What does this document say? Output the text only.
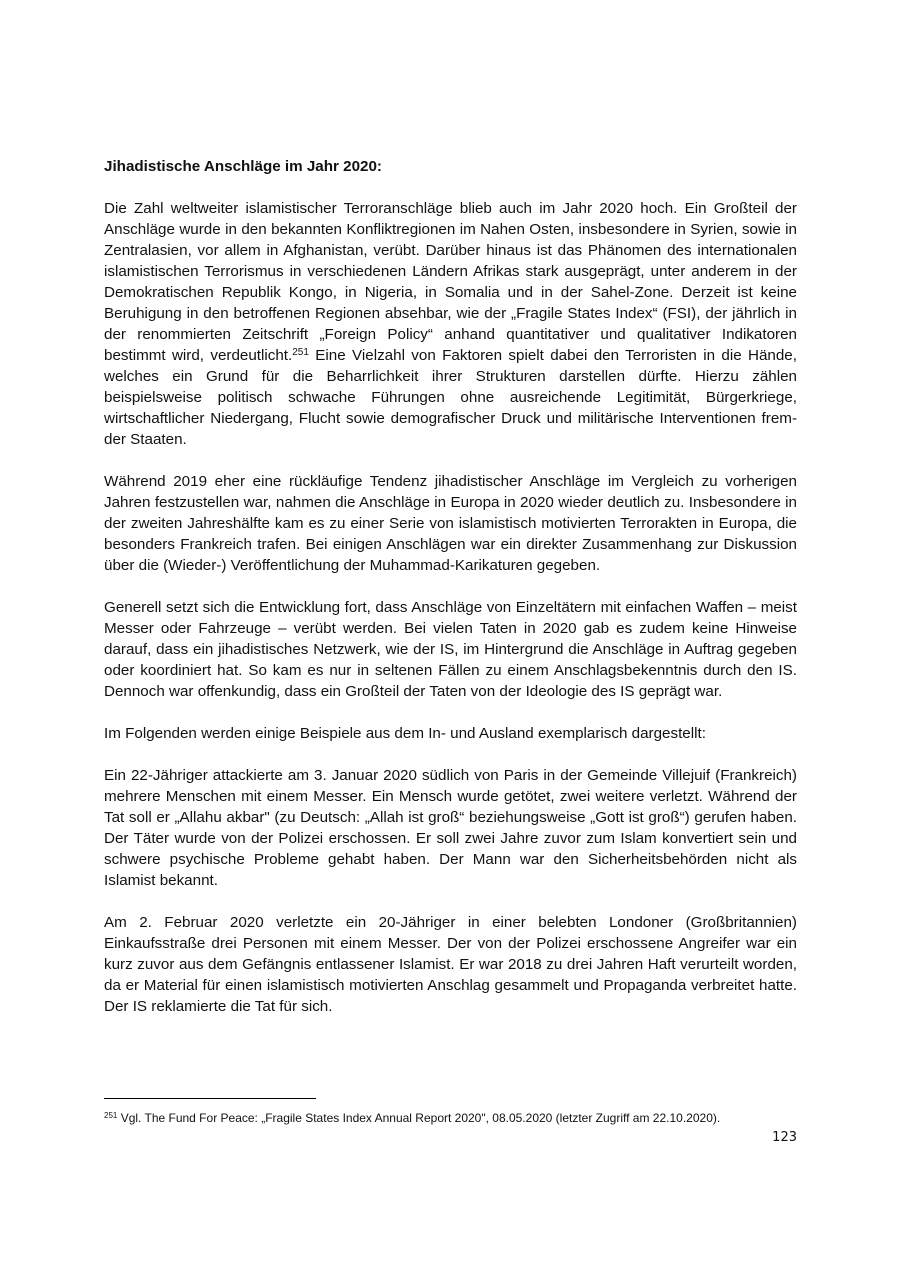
Jihadistische Anschläge im Jahr 2020:

Die Zahl weltweiter islamistischer Terroranschläge blieb auch im Jahr 2020 hoch. Ein Großteil der Anschläge wurde in den bekannten Konfliktregionen im Nahen Osten, insbesondere in Syrien, sowie in Zentralasien, vor allem in Afghanistan, verübt. Darüber hinaus ist das Phänomen des internationalen islamistischen Terrorismus in verschiedenen Ländern Afrikas stark ausgeprägt, unter anderem in der Demokratischen Republik Kongo, in Nigeria, in Somalia und in der Sahel-Zone. Derzeit ist keine Beruhigung in den betroffenen Regionen absehbar, wie der „Fragile States Index“ (FSI), der jährlich in der renommierten Zeitschrift „Foreign Policy“ anhand quantitativer und qualitativer Indikatoren bestimmt wird, verdeutlicht.$^{251}$ Eine Vielzahl von Faktoren spielt dabei den Terroristen in die Hände, welches ein Grund für die Beharrlichkeit ihrer Strukturen darstellen dürfte. Hierzu zählen beispielsweise politisch schwache Führungen ohne ausreichende Legitimität, Bürgerkriege, wirtschaftlicher Niedergang, Flucht sowie demografischer Druck und militärische Interventionen fremder Staaten.

Während 2019 eher eine rückläufige Tendenz jihadistischer Anschläge im Vergleich zu vorherigen Jahren festzustellen war, nahmen die Anschläge in Europa in 2020 wieder deutlich zu. Insbesondere in der zweiten Jahreshälfte kam es zu einer Serie von islamistisch motivierten Terrorakten in Europa, die besonders Frankreich trafen. Bei einigen Anschlägen war ein direkter Zusammenhang zur Diskussion über die (Wieder-) Veröffentlichung der Muhammad-Karikaturen gegeben.

Generell setzt sich die Entwicklung fort, dass Anschläge von Einzeltätern mit einfachen Waffen – meist Messer oder Fahrzeuge – verübt werden. Bei vielen Taten in 2020 gab es zudem keine Hinweise darauf, dass ein jihadistisches Netzwerk, wie der IS, im Hintergrund die Anschläge in Auftrag gegeben oder koordiniert hat. So kam es nur in seltenen Fällen zu einem Anschlagsbekenntnis durch den IS. Dennoch war offenkundig, dass ein Großteil der Taten von der Ideologie des IS geprägt war.

Im Folgenden werden einige Beispiele aus dem In- und Ausland exemplarisch dargestellt:

Ein 22-Jähriger attackierte am 3. Januar 2020 südlich von Paris in der Gemeinde Villejuif (Frankreich) mehrere Menschen mit einem Messer. Ein Mensch wurde getötet, zwei weitere verletzt. Während der Tat soll er „Allahu akbar" (zu Deutsch: „Allah ist groß“ beziehungsweise „Gott ist groß“) gerufen haben. Der Täter wurde von der Polizei erschossen. Er soll zwei Jahre zuvor zum Islam konvertiert sein und schwere psychische Probleme gehabt haben. Der Mann war den Sicherheitsbehörden nicht als Islamist bekannt.

Am 2. Februar 2020 verletzte ein 20-Jähriger in einer belebten Londoner (Großbritannien) Einkaufsstraße drei Personen mit einem Messer. Der von der Polizei erschossene Angreifer war ein kurz zuvor aus dem Gefängnis entlassener Islamist. Er war 2018 zu drei Jahren Haft verurteilt worden, da er Material für einen islamistisch motivierten Anschlag gesammelt und Propaganda verbreitet hatte. Der IS reklamierte die Tat für sich.

$^{251}$ Vgl. The Fund For Peace: „Fragile States Index Annual Report 2020", 08.05.2020 (letzter Zugriff am 22.10.2020).
123
